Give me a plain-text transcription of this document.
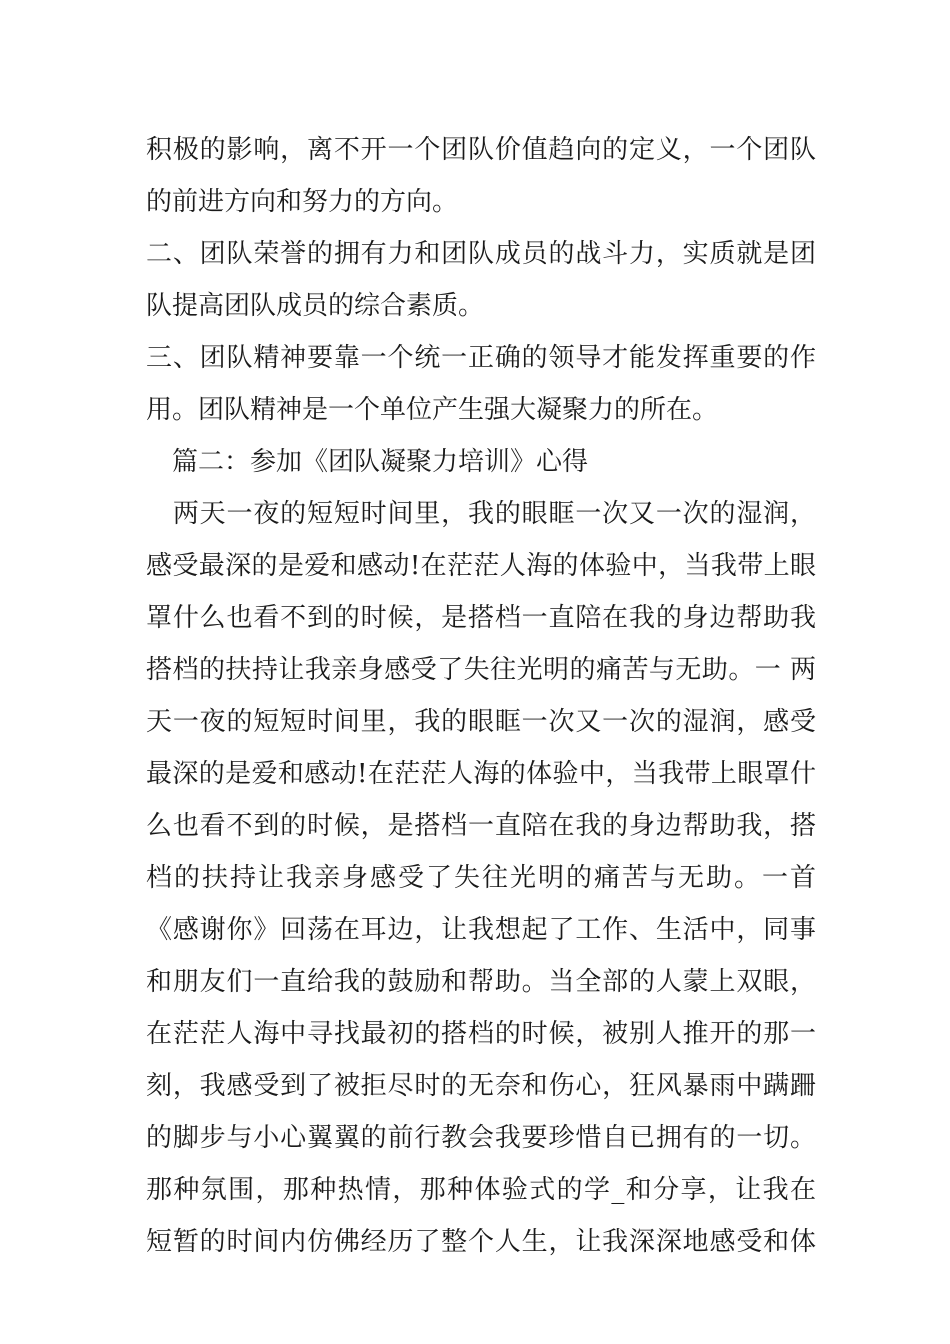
积极的影响，离不开一个团队价值趋向的定义，一个团队
的前进方向和努力的方向。
二、团队荣誉的拥有力和团队成员的战斗力，实质就是团
队提高团队成员的综合素质。
三、团队精神要靠一个统一正确的领导才能发挥重要的作
用。团队精神是一个单位产生强大凝聚力的所在。
　篇二：参加《团队凝聚力培训》心得
　两天一夜的短短时间里，我的眼眶一次又一次的湿润，
感受最深的是爱和感动!在茫茫人海的体验中，当我带上眼
罩什么也看不到的时候，是搭档一直陪在我的身边帮助我
搭档的扶持让我亲身感受了失往光明的痛苦与无助。一 两
天一夜的短短时间里，我的眼眶一次又一次的湿润，感受
最深的是爱和感动!在茫茫人海的体验中，当我带上眼罩什
么也看不到的时候，是搭档一直陪在我的身边帮助我，搭
档的扶持让我亲身感受了失往光明的痛苦与无助。一首
《感谢你》回荡在耳边，让我想起了工作、生活中，同事
和朋友们一直给我的鼓励和帮助。当全部的人蒙上双眼，
在茫茫人海中寻找最初的搭档的时候，被别人推开的那一
刻，我感受到了被拒尽时的无奈和伤心，狂风暴雨中蹒跚
的脚步与小心翼翼的前行教会我要珍惜自已拥有的一切。
那种氛围，那种热情，那种体验式的学_和分享，让我在
短暂的时间内仿佛经历了整个人生，让我深深地感受和体
